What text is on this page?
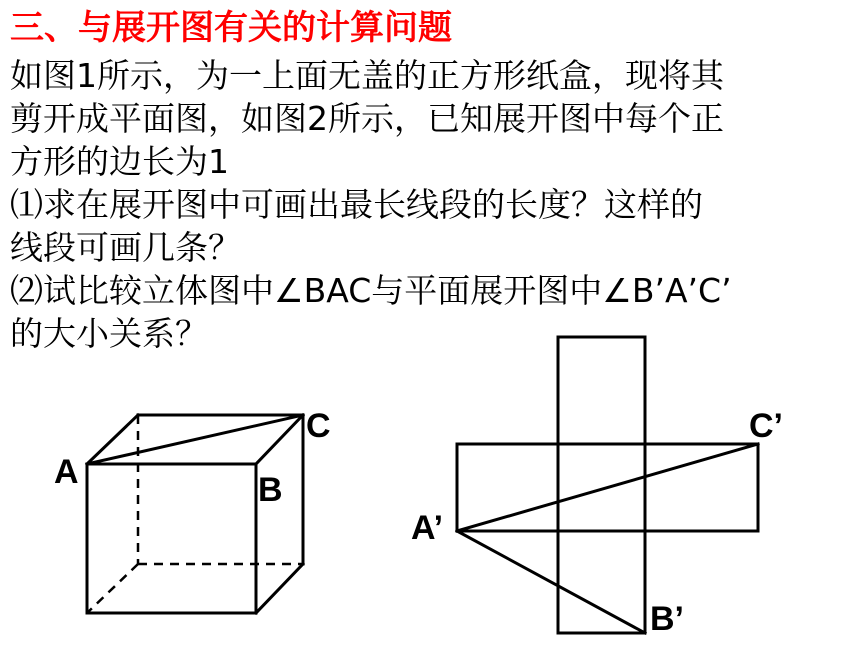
三、与展开图有关的计算问题
如图1所示，为一上面无盖的正方形纸盒，现将其
剪开成平面图，如图2所示，已知展开图中每个正
方形的边长为1
⑴求在展开图中可画出最长线段的长度？这样的
线段可画几条？
⑵试比较立体图中∠BAC与平面展开图中∠B’A’C’
的大小关系？
A	B
C
A’
B’
C’
